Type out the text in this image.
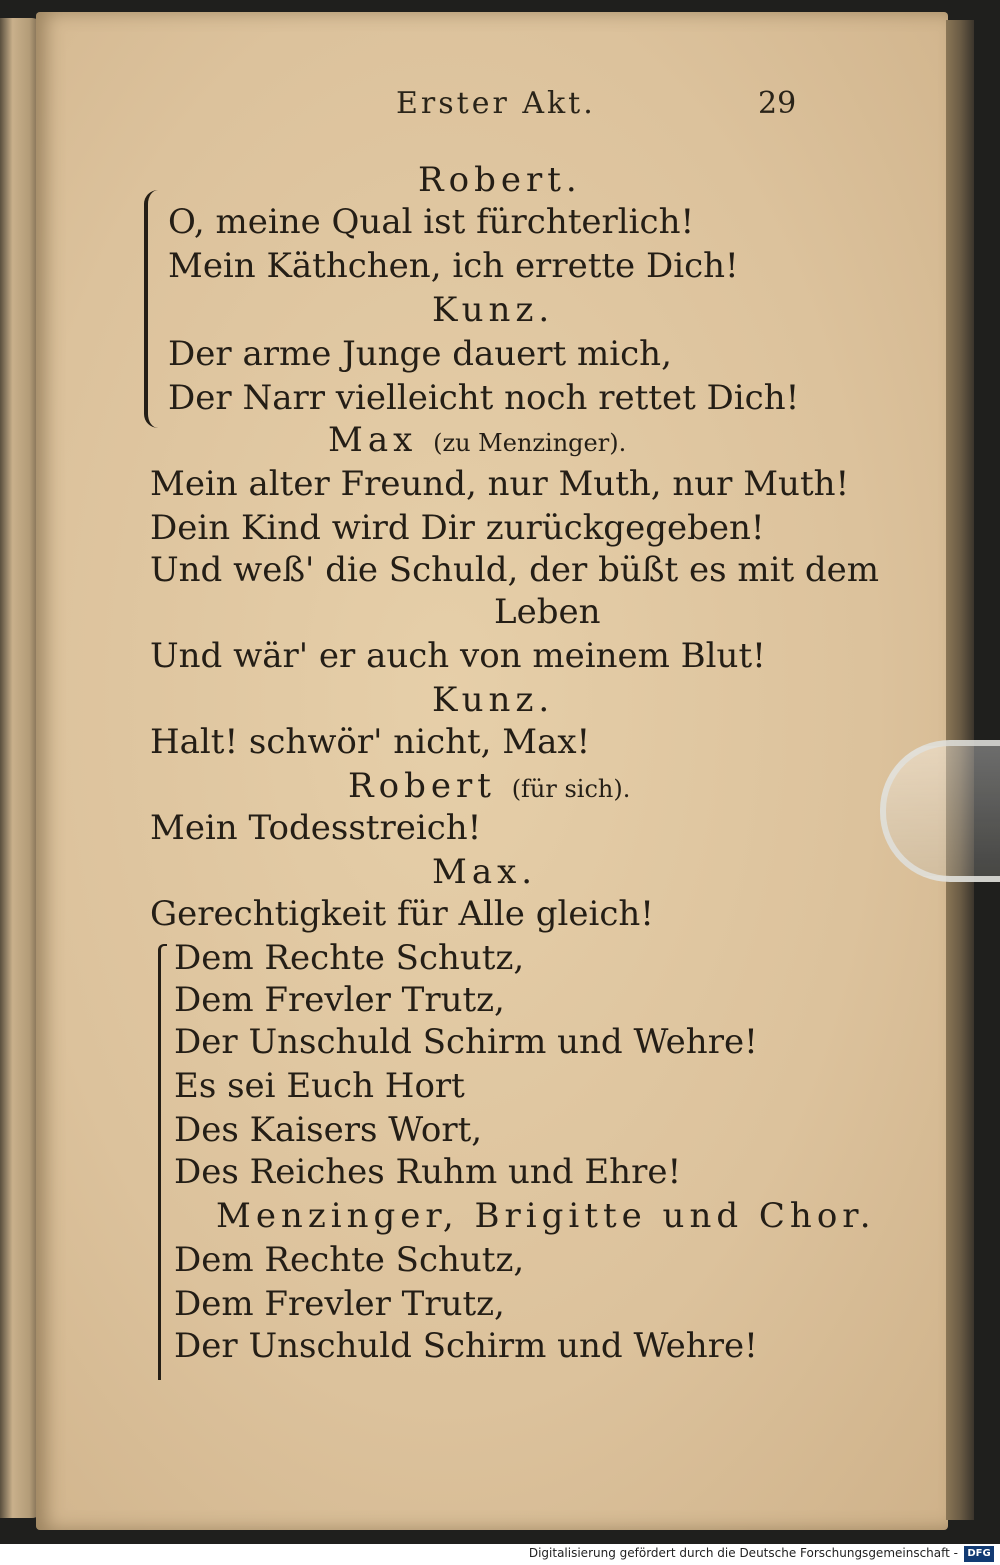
Erster Akt.	29
Robert.
O, meine Qual ist fürchterlich!
Mein Käthchen, ich errette Dich!
Kunz.
Der arme Junge dauert mich,
Der Narr vielleicht noch rettet Dich!
Max (zu Menzinger).
Mein alter Freund, nur Muth, nur Muth!
Dein Kind wird Dir zurückgegeben!
Und weß' die Schuld, der büßt es mit dem
Leben
Und wär' er auch von meinem Blut!
Kunz.
Halt! schwör' nicht, Max!
Robert (für sich).
Mein Todesstreich!
Max.
Gerechtigkeit für Alle gleich!
Dem Rechte Schutz,
Dem Frevler Trutz,
Der Unschuld Schirm und Wehre!
Es sei Euch Hort
Des Kaisers Wort,
Des Reiches Ruhm und Ehre!
Menzinger, Brigitte und Chor.
Dem Rechte Schutz,
Dem Frevler Trutz,
Der Unschuld Schirm und Wehre!
Digitalisierung gefördert durch die Deutsche Forschungsgemeinschaft - DFG
